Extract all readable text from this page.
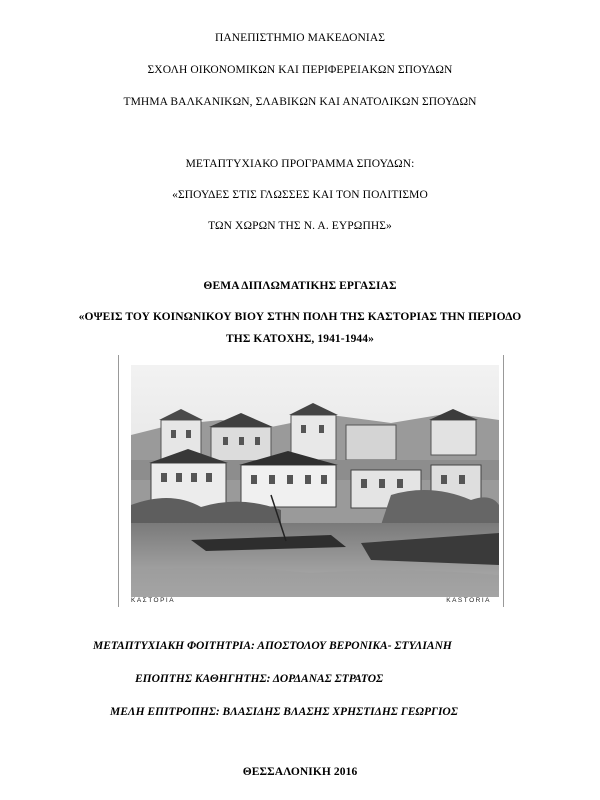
ΠΑΝΕΠΙΣΤΗΜΙΟ ΜΑΚΕΔΟΝΙΑΣ
ΣΧΟΛΗ ΟΙΚΟΝΟΜΙΚΩΝ ΚΑΙ ΠΕΡΙΦΕΡΕΙΑΚΩΝ ΣΠΟΥΔΩΝ
ΤΜΗΜΑ ΒΑΛΚΑΝΙΚΩΝ, ΣΛΑΒΙΚΩΝ ΚΑΙ ΑΝΑΤΟΛΙΚΩΝ ΣΠΟΥΔΩΝ
ΜΕΤΑΠΤΥΧΙΑΚΟ ΠΡΟΓΡΑΜΜΑ ΣΠΟΥΔΩΝ:
«ΣΠΟΥΔΕΣ ΣΤΙΣ ΓΛΩΣΣΕΣ ΚΑΙ ΤΟΝ ΠΟΛΙΤΙΣΜΟ
ΤΩΝ ΧΩΡΩΝ ΤΗΣ Ν. Α. ΕΥΡΩΠΗΣ»
ΘΕΜΑ ΔΙΠΛΩΜΑΤΙΚΗΣ ΕΡΓΑΣΙΑΣ
«ΟΨΕΙΣ ΤΟΥ ΚΟΙΝΩΝΙΚΟΥ ΒΙΟΥ ΣΤΗΝ ΠΟΛΗ ΤΗΣ ΚΑΣΤΟΡΙΑΣ ΤΗΝ ΠΕΡΙΟΔΟ
ΤΗΣ ΚΑΤΟΧΗΣ, 1941-1944»
ΚΑΣΤΟΡΙΑ	KASTORIA
ΜΕΤΑΠΤΥΧΙΑΚΗ ΦΟΙΤΗΤΡΙΑ: ΑΠΟΣΤΟΛΟΥ ΒΕΡΟΝΙΚΑ- ΣΤΥΛΙΑΝΗ
ΕΠΟΠΤΗΣ ΚΑΘΗΓΗΤΗΣ: ΔΟΡΔΑΝΑΣ ΣΤΡΑΤΟΣ
ΜΕΛΗ ΕΠΙΤΡΟΠΗΣ: ΒΛΑΣΙΔΗΣ ΒΛΑΣΗΣ ΧΡΗΣΤΙΔΗΣ ΓΕΩΡΓΙΟΣ
ΘΕΣΣΑΛΟΝΙΚΗ 2016
